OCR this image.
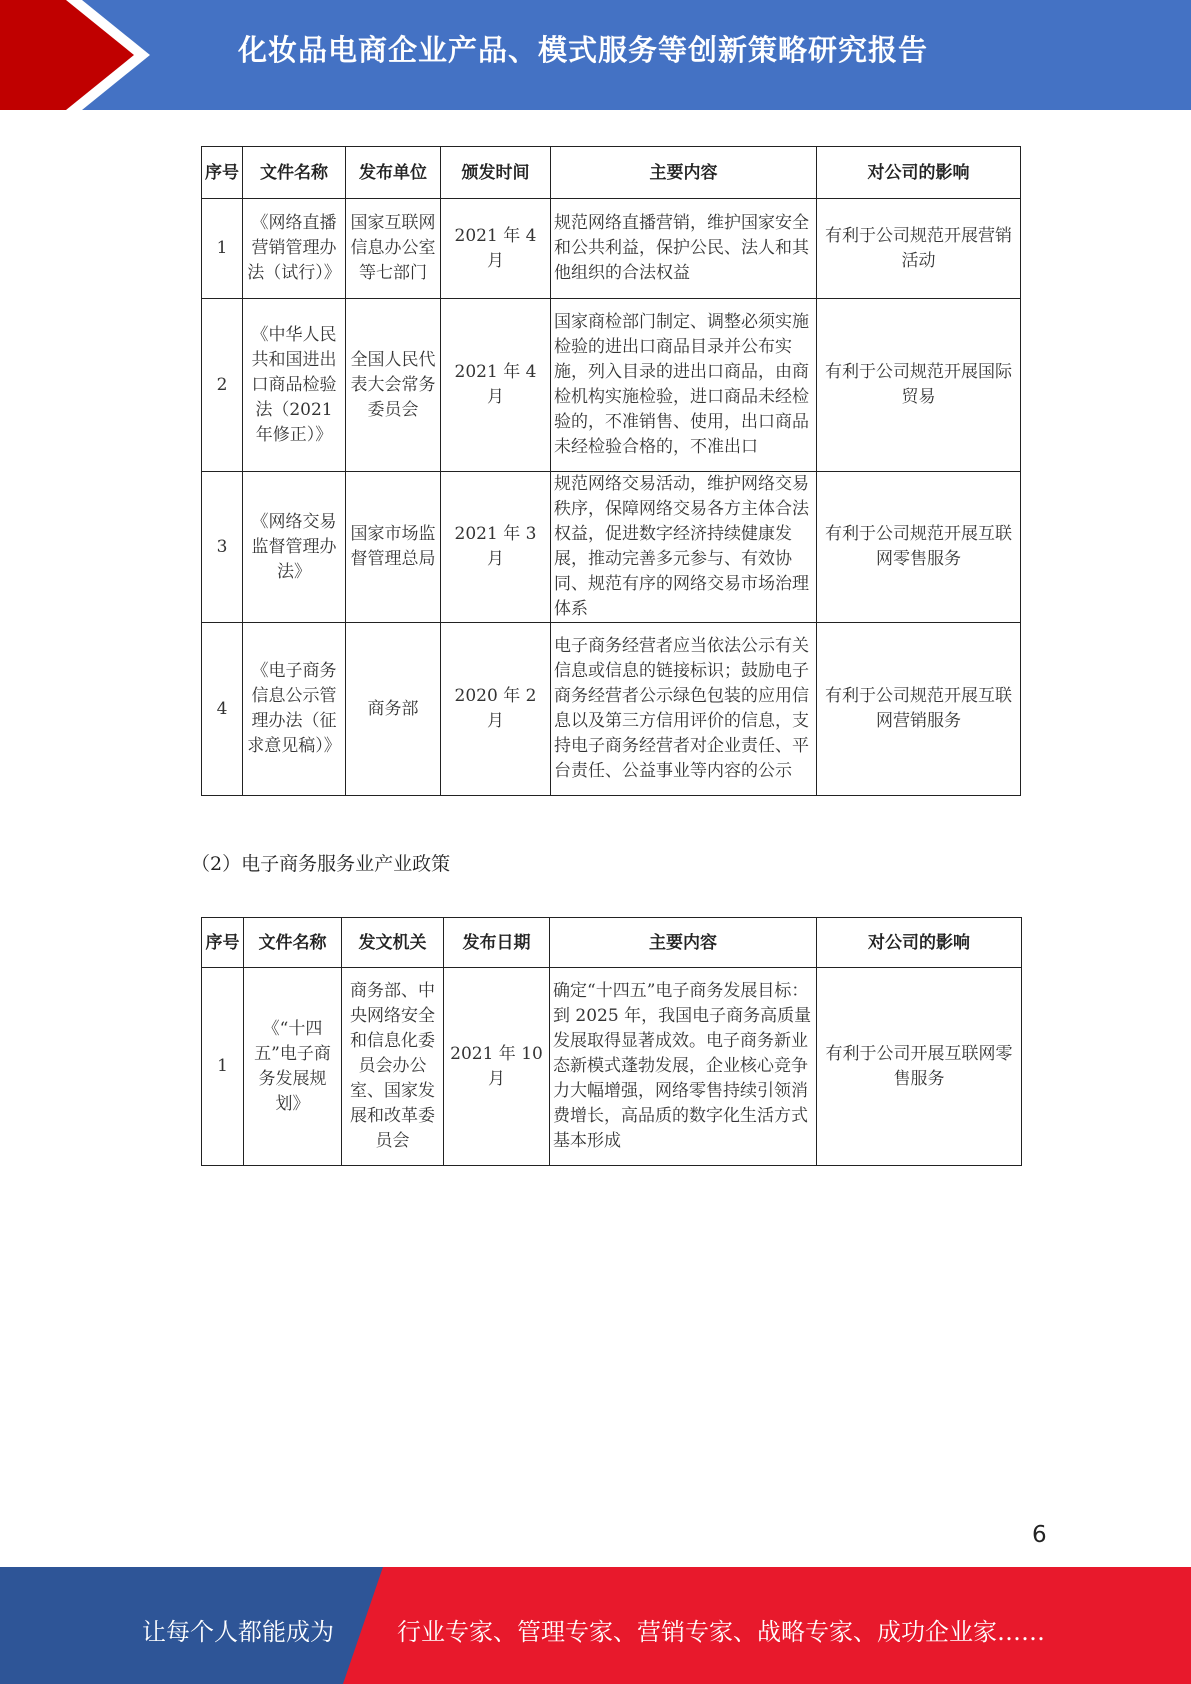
化妆品电商企业产品、模式服务等创新策略研究报告
序号	文件名称	发布单位	颁发时间	主要内容	对公司的影响
1	《网络直播营销管理办法（试行）》	国家互联网信息办公室等七部门	2021 年 4 月	规范网络直播营销，维护国家安全和公共利益，保护公民、法人和其他组织的合法权益	有利于公司规范开展营销活动
2	《中华人民共和国进出口商品检验法（2021 年修正）》	全国人民代表大会常务委员会	2021 年 4 月	国家商检部门制定、调整必须实施检验的进出口商品目录并公布实施，列入目录的进出口商品，由商检机构实施检验，进口商品未经检验的，不准销售、使用，出口商品未经检验合格的，不准出口	有利于公司规范开展国际贸易
3	《网络交易监督管理办法》	国家市场监督管理总局	2021 年 3 月	规范网络交易活动，维护网络交易秩序，保障网络交易各方主体合法权益，促进数字经济持续健康发展，推动完善多元参与、有效协同、规范有序的网络交易市场治理体系	有利于公司规范开展互联网零售服务
4	《电子商务信息公示管理办法（征求意见稿）》	商务部	2020 年 2 月	电子商务经营者应当依法公示有关信息或信息的链接标识；鼓励电子商务经营者公示绿色包装的应用信息以及第三方信用评价的信息，支持电子商务经营者对企业责任、平台责任、公益事业等内容的公示	有利于公司规范开展互联网营销服务
（2）电子商务服务业产业政策
序号	文件名称	发文机关	发布日期	主要内容	对公司的影响
1	《“十四五”电子商务发展规划》	商务部、中央网络安全和信息化委员会办公室、国家发展和改革委员会	2021 年 10 月	确定“十四五”电子商务发展目标：到 2025 年，我国电子商务高质量发展取得显著成效。电子商务新业态新模式蓬勃发展，企业核心竞争力大幅增强，网络零售持续引领消费增长，高品质的数字化生活方式基本形成	有利于公司开展互联网零售服务
6
让每个人都能成为	行业专家、管理专家、营销专家、战略专家、成功企业家……
